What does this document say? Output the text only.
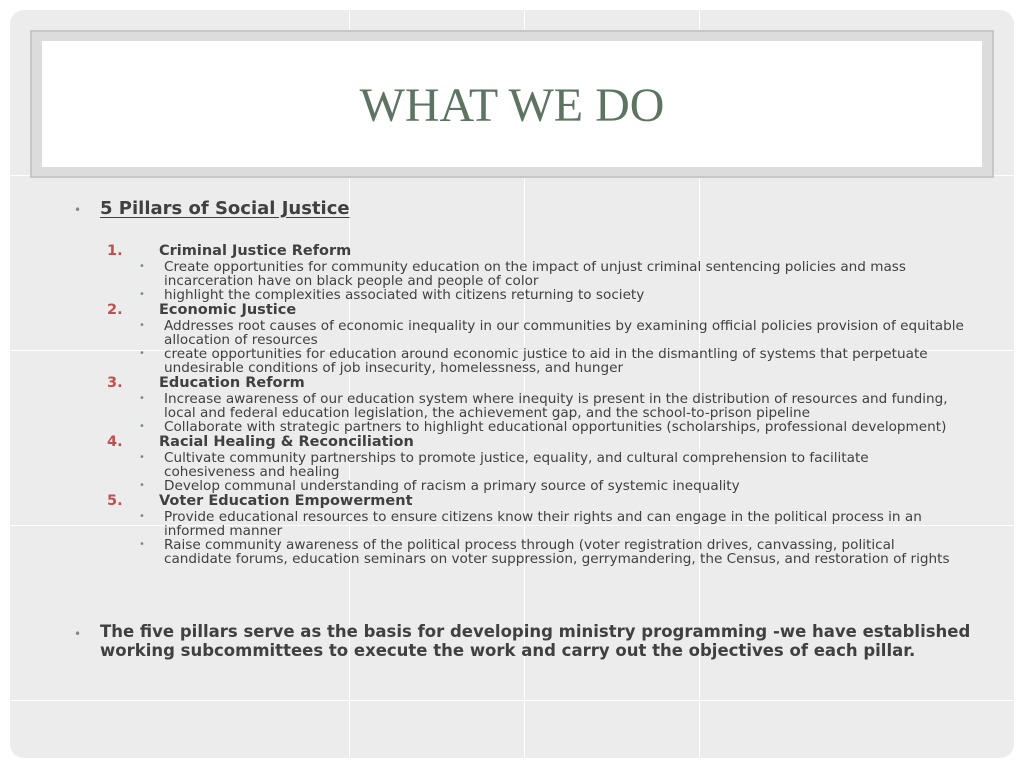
WHAT WE DO
• 5 Pillars of Social Justice
1.	Criminal Justice Reform
• Create opportunities for community education on the impact of unjust criminal sentencing policies and mass incarceration have on black people and people of color

• highlight the complexities associated with citizens returning to society

2.	Economic Justice
• Addresses root causes of economic inequality in our communities by examining official policies provision of equitable allocation of resources

• create opportunities for education around economic justice to aid in the dismantling of systems that perpetuate undesirable conditions of job insecurity, homelessness, and hunger

3.	Education Reform
• Increase awareness of our education system where inequity is present in the distribution of resources and funding, local and federal education legislation, the achievement gap, and the school-to-prison pipeline

• Collaborate with strategic partners to highlight educational opportunities (scholarships, professional development)

4.	Racial Healing & Reconciliation
• Cultivate community partnerships to promote justice, equality, and cultural comprehension to facilitate cohesiveness and healing

• Develop communal understanding of racism a primary source of systemic inequality

5.	Voter Education Empowerment
• Provide educational resources to ensure citizens know their rights and can engage in the political process in an informed manner

• Raise community awareness of the political process through (voter registration drives, canvassing, political candidate forums, education seminars on voter suppression, gerrymandering, the Census, and restoration of rights

• The five pillars serve as the basis for developing ministry programming -we have established working subcommittees to execute the work and carry out the objectives of each pillar.
